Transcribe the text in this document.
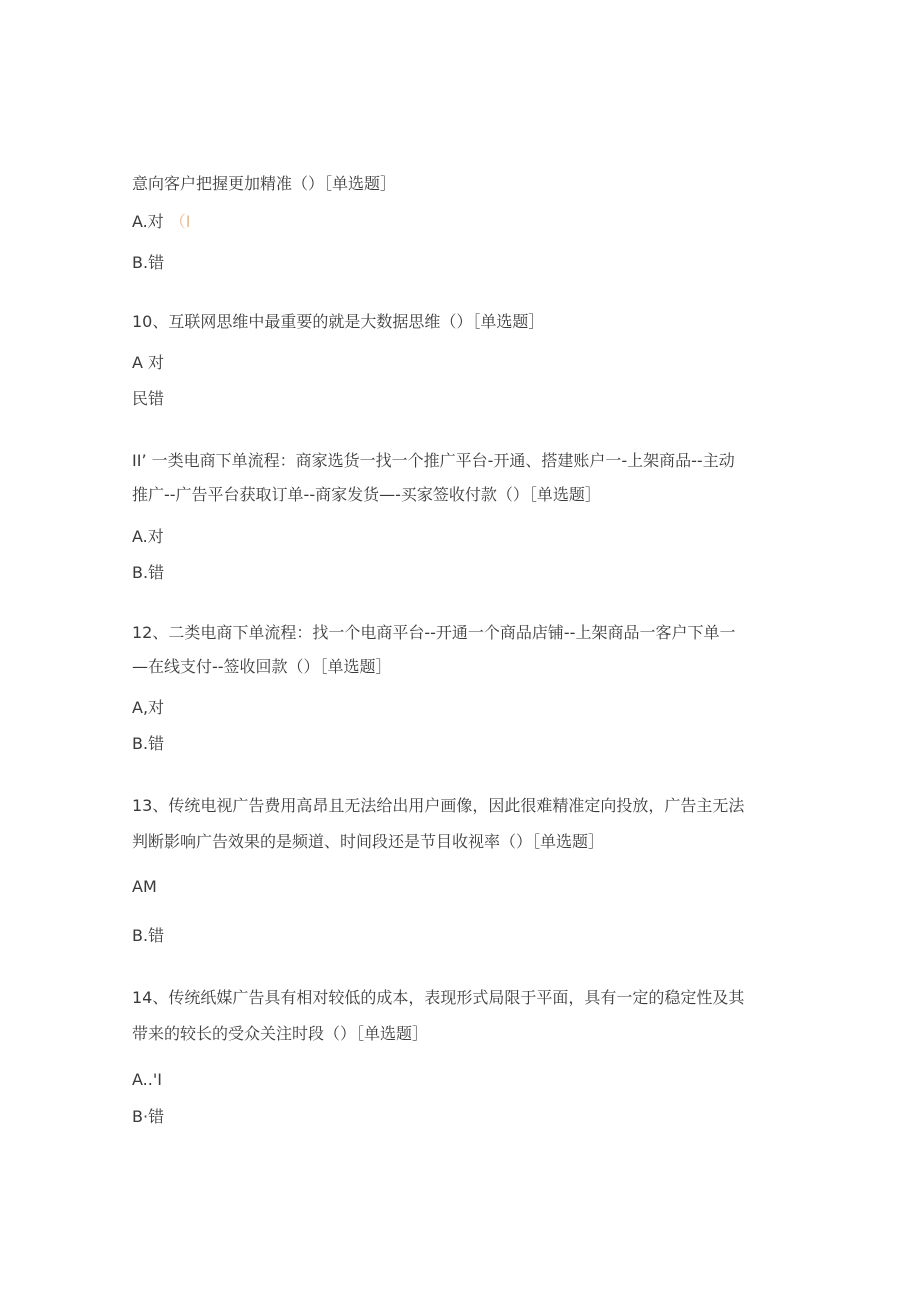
意向客户把握更加精准（）［单选题］
A.对 （I
B.错
10、互联网思维中最重要的就是大数据思维（）［单选题］
A 对
民错
II’ 一类电商下单流程：商家选货一找一个推广平台-开通、搭建账户一-上架商品--主动
推广--广告平台获取订单--商家发货—-买家签收付款（）［单选题］
A.对
B.错
12、二类电商下单流程：找一个电商平台--开通一个商品店铺--上架商品一客户下单一
—在线支付--签收回款（）［单选题］
A,对
B.错
13、传统电视广告费用高昂且无法给出用户画像，因此很难精准定向投放，广告主无法
判断影响广告效果的是频道、时间段还是节目收视率（）［单选题］
AM
B.错
14、传统纸媒广告具有相对较低的成本，表现形式局限于平面，具有一定的稳定性及其
带来的较长的受众关注时段（）［单选题］
A..'I
B·错
